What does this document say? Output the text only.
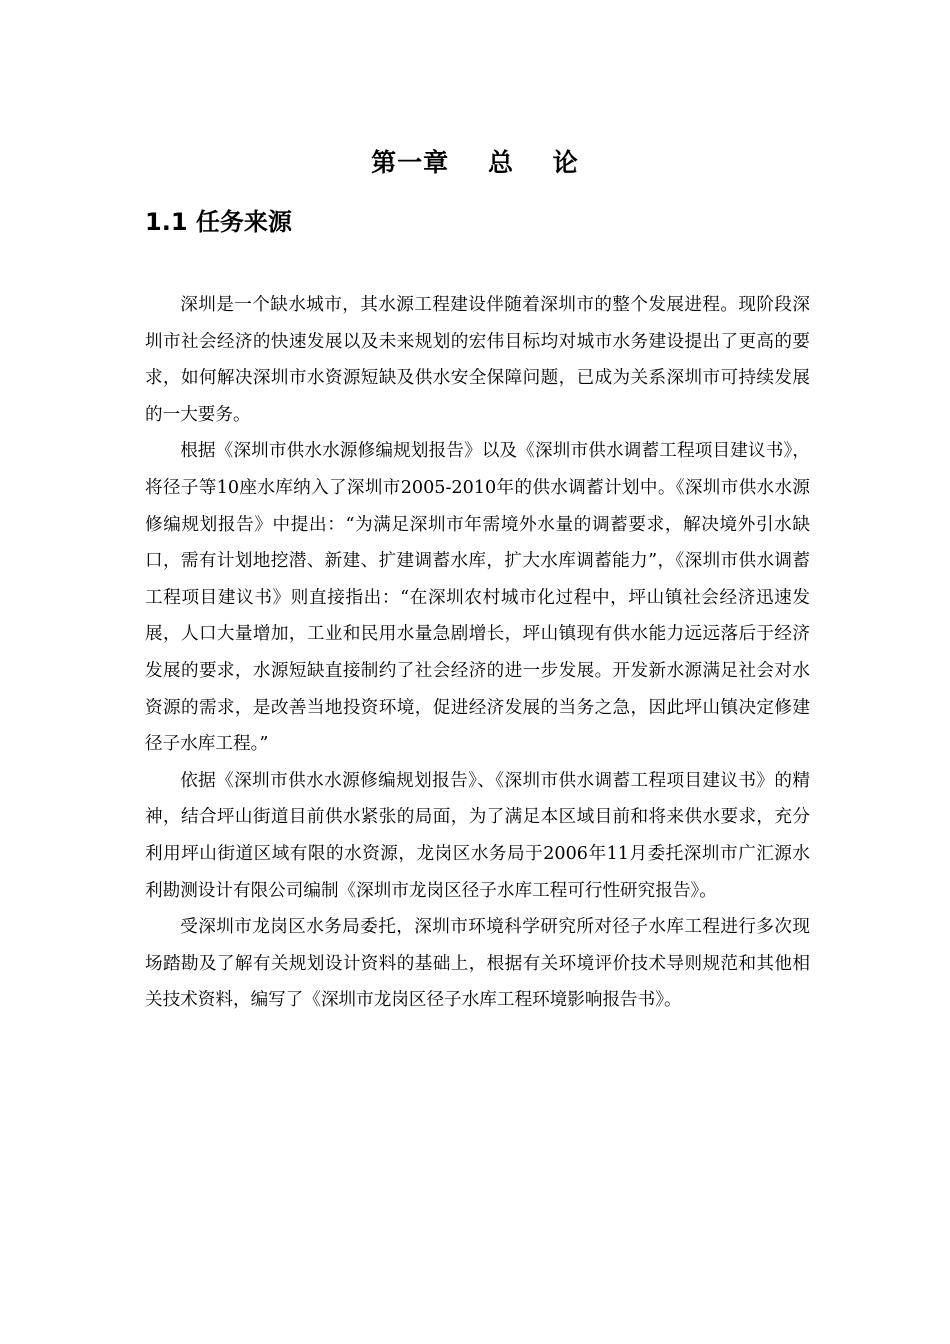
第一章    总    论
1.1 任务来源

深圳是一个缺水城市，其水源工程建设伴随着深圳市的整个发展进程。现阶段深圳市社会经济的快速发展以及未来规划的宏伟目标均对城市水务建设提出了更高的要求，如何解决深圳市水资源短缺及供水安全保障问题，已成为关系深圳市可持续发展的一大要务。

根据《深圳市供水水源修编规划报告》以及《深圳市供水调蓄工程项目建议书》，将径子等10座水库纳入了深圳市2005-2010年的供水调蓄计划中。《深圳市供水水源修编规划报告》中提出：“为满足深圳市年需境外水量的调蓄要求，解决境外引水缺口，需有计划地挖潜、新建、扩建调蓄水库，扩大水库调蓄能力”，《深圳市供水调蓄工程项目建议书》则直接指出：“在深圳农村城市化过程中，坪山镇社会经济迅速发展，人口大量增加，工业和民用水量急剧增长，坪山镇现有供水能力远远落后于经济发展的要求，水源短缺直接制约了社会经济的进一步发展。开发新水源满足社会对水资源的需求，是改善当地投资环境，促进经济发展的当务之急，因此坪山镇决定修建径子水库工程。”

依据《深圳市供水水源修编规划报告》、《深圳市供水调蓄工程项目建议书》的精神，结合坪山街道目前供水紧张的局面，为了满足本区域目前和将来供水要求，充分利用坪山街道区域有限的水资源，龙岗区水务局于2006年11月委托深圳市广汇源水利勘测设计有限公司编制《深圳市龙岗区径子水库工程可行性研究报告》。

受深圳市龙岗区水务局委托，深圳市环境科学研究所对径子水库工程进行多次现场踏勘及了解有关规划设计资料的基础上，根据有关环境评价技术导则规范和其他相关技术资料，编写了《深圳市龙岗区径子水库工程环境影响报告书》。
